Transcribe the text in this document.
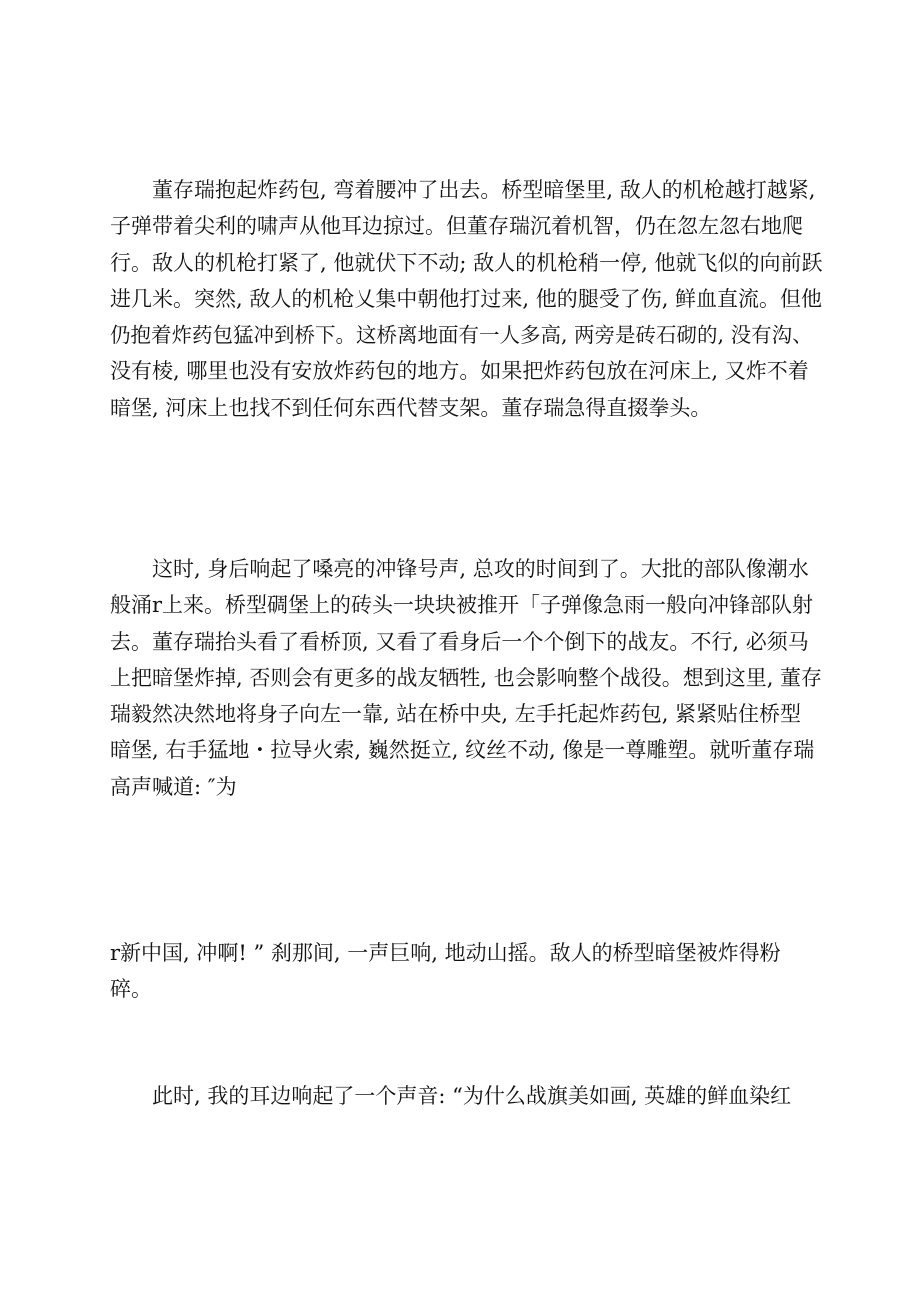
董存瑞抱起炸药包, 弯着腰冲了出去。桥型暗堡里, 敌人的机枪越打越紧,
子弹带着尖利的啸声从他耳边掠过。但董存瑞沉着机智，仍在忽左忽右地爬
行。敌人的机枪打紧了, 他就伏下不动; 敌人的机枪稍一停, 他就飞似的向前跃
进几米。突然, 敌人的机枪乂集中朝他打过来, 他的腿受了伤, 鲜血直流。但他
仍抱着炸药包猛冲到桥下。这桥离地面有一人多高, 两旁是砖石砌的, 没有沟、
没有棱, 哪里也没有安放炸药包的地方。如果把炸药包放在河床上, 又炸不着
暗堡, 河床上也找不到任何东西代替支架。董存瑞急得直掇拳头。
这时, 身后响起了嗓亮的冲锋号声, 总攻的时间到了。大批的部队像潮水
般涌r上来。桥型碉堡上的砖头一块块被推开「子弹像急雨一般向冲锋部队射
去。董存瑞抬头看了看桥顶, 又看了看身后一个个倒下的战友。不行, 必须马
上把暗堡炸掉, 否则会有更多的战友牺牲, 也会影响整个战役。想到这里, 董存
瑞毅然决然地将身子向左一靠, 站在桥中央, 左手托起炸药包, 紧紧贴住桥型
暗堡, 右手猛地・拉导火索, 巍然挺立, 纹丝不动, 像是一尊雕塑。就听董存瑞
高声喊道: ″为
r新中国, 冲啊! ” 刹那间, 一声巨响, 地动山摇。敌人的桥型暗堡被炸得粉
碎。
此时, 我的耳边响起了一个声音: “为什么战旗美如画, 英雄的鲜血染红
